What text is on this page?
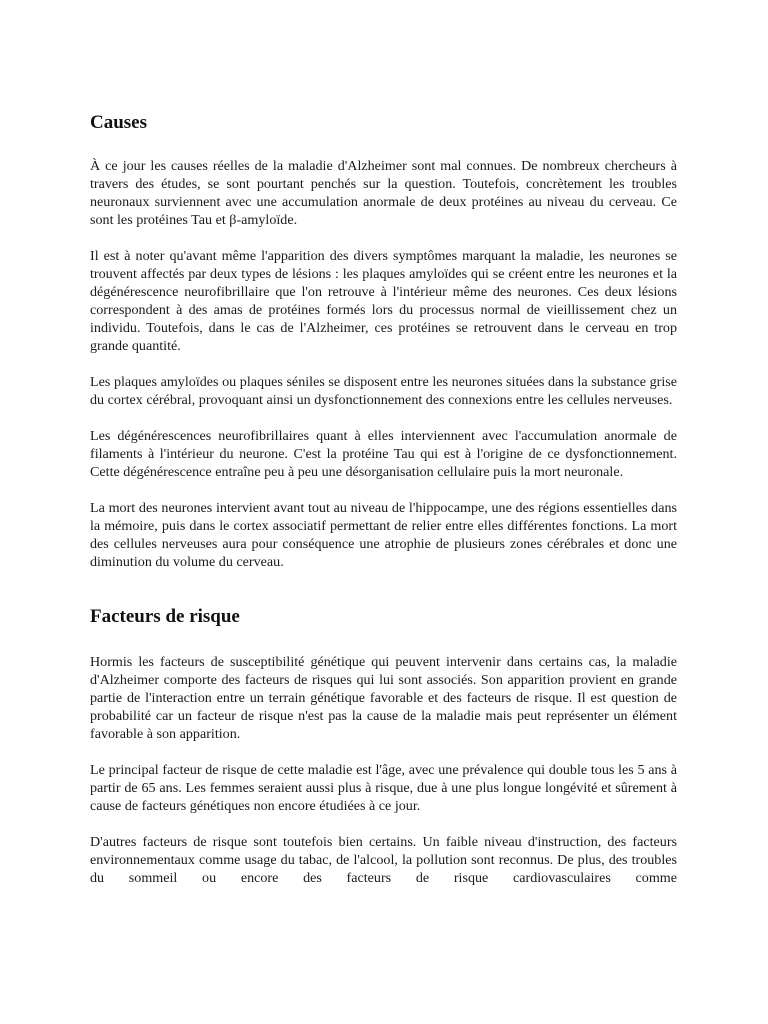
Causes

À ce jour les causes réelles de la maladie d'Alzheimer sont mal connues. De nombreux chercheurs à travers des études, se sont pourtant penchés sur la question. Toutefois, concrètement les troubles neuronaux surviennent avec une accumulation anormale de deux protéines au niveau du cerveau. Ce sont les protéines Tau et β-amyloïde.

Il est à noter qu'avant même l'apparition des divers symptômes marquant la maladie, les neurones se trouvent affectés par deux types de lésions : les plaques amyloïdes qui se créent entre les neurones et la dégénérescence neurofibrillaire que l'on retrouve à l'intérieur même des neurones. Ces deux lésions correspondent à des amas de protéines formés lors du processus normal de vieillissement chez un individu. Toutefois, dans le cas de l'Alzheimer, ces protéines se retrouvent dans le cerveau en trop grande quantité.

Les plaques amyloïdes ou plaques séniles se disposent entre les neurones situées dans la substance grise du cortex cérébral, provoquant ainsi un dysfonctionnement des connexions entre les cellules nerveuses.

Les dégénérescences neurofibrillaires quant à elles interviennent avec l'accumulation anormale de filaments à l'intérieur du neurone. C'est la protéine Tau qui est à l'origine de ce dysfonctionnement. Cette dégénérescence entraîne peu à peu une désorganisation cellulaire puis la mort neuronale.

La mort des neurones intervient avant tout au niveau de l'hippocampe, une des régions essentielles dans la mémoire, puis dans le cortex associatif permettant de relier entre elles différentes fonctions. La mort des cellules nerveuses aura pour conséquence une atrophie de plusieurs zones cérébrales et donc une diminution du volume du cerveau.

Facteurs de risque

Hormis les facteurs de susceptibilité génétique qui peuvent intervenir dans certains cas, la maladie d'Alzheimer comporte des facteurs de risques qui lui sont associés. Son apparition provient en grande partie de l'interaction entre un terrain génétique favorable et des facteurs de risque. Il est question de probabilité car un facteur de risque n'est pas la cause de la maladie mais peut représenter un élément favorable à son apparition.

Le principal facteur de risque de cette maladie est l'âge, avec une prévalence qui double tous les 5 ans à partir de 65 ans. Les femmes seraient aussi plus à risque, due à une plus longue longévité et sûrement à cause de facteurs génétiques non encore étudiées à ce jour.

D'autres facteurs de risque sont toutefois bien certains. Un faible niveau d'instruction, des facteurs environnementaux comme usage du tabac, de l'alcool, la pollution sont reconnus. De plus, des troubles du sommeil ou encore des facteurs de risque cardiovasculaires comme
